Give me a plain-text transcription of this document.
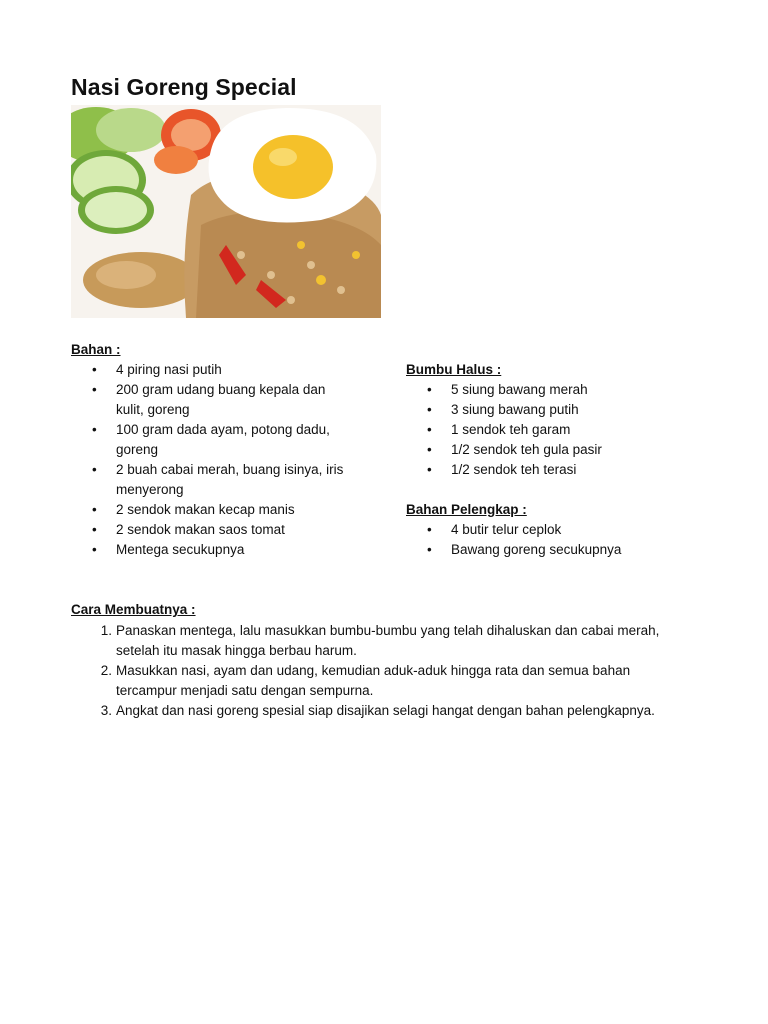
Nasi Goreng Special
Bahan :
•	4 piring nasi putih
•	200 gram udang buang kepala dan kulit, goreng
•	100 gram dada ayam, potong dadu, goreng
•	2 buah cabai merah, buang isinya, iris menyerong
•	2 sendok makan kecap manis
•	2 sendok makan saos tomat
•	Mentega secukupnya
Bumbu Halus :
•	5 siung bawang merah
•	3 siung bawang putih
•	1 sendok teh garam
•	1/2 sendok teh gula pasir
•	1/2 sendok teh terasi
Bahan Pelengkap :
•	4 butir telur ceplok
•	Bawang goreng secukupnya
Cara Membuatnya :
1. Panaskan mentega, lalu masukkan bumbu-bumbu yang telah dihaluskan dan cabai merah, setelah itu masak hingga berbau harum.
2. Masukkan nasi, ayam dan udang, kemudian aduk-aduk hingga rata dan semua bahan tercampur menjadi satu dengan sempurna.
3. Angkat dan nasi goreng spesial siap disajikan selagi hangat dengan bahan pelengkapnya.
